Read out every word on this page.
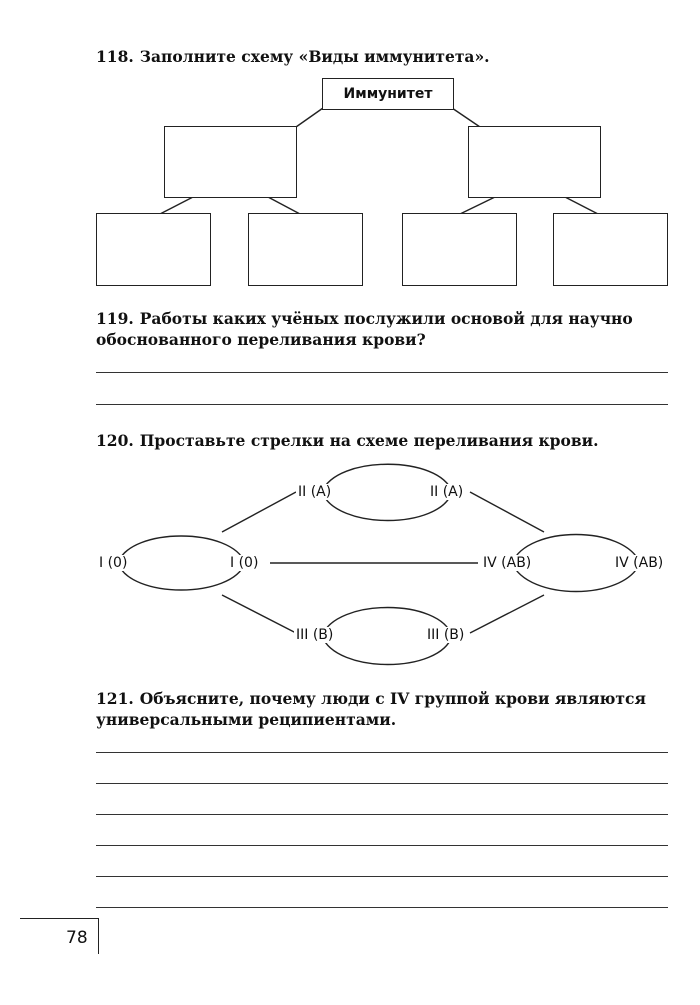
118. Заполните схему «Виды иммунитета».
Иммунитет
119. Работы каких учёных послужили основой для научно обоснованного переливания крови?
120. Проставьте стрелки на схеме переливания крови.
I (0)	I (0)
II (A)	II (A)
IV (AB)	IV (AB)
III (B)	III (B)
121. Объясните, почему люди с IV группой крови являются универсальными реципиентами.
78
